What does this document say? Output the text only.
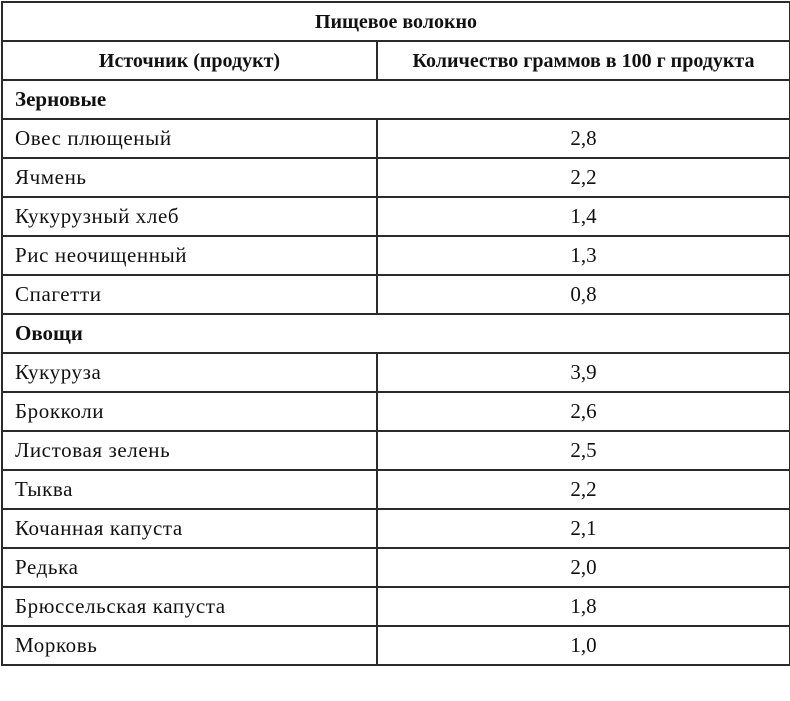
Пищевое волокно	
Источник (продукт)	Количество граммов в 100 г продукта
Зерновые	
Овес плющеный	2,8
Ячмень	2,2
Кукурузный хлеб	1,4
Рис неочищенный	1,3
Спагетти	0,8
Овощи	
Кукуруза	3,9
Брокколи	2,6
Листовая зелень	2,5
Тыква	2,2
Кочанная капуста	2,1
Редька	2,0
Брюссельская капуста	1,8
Морковь	1,0
